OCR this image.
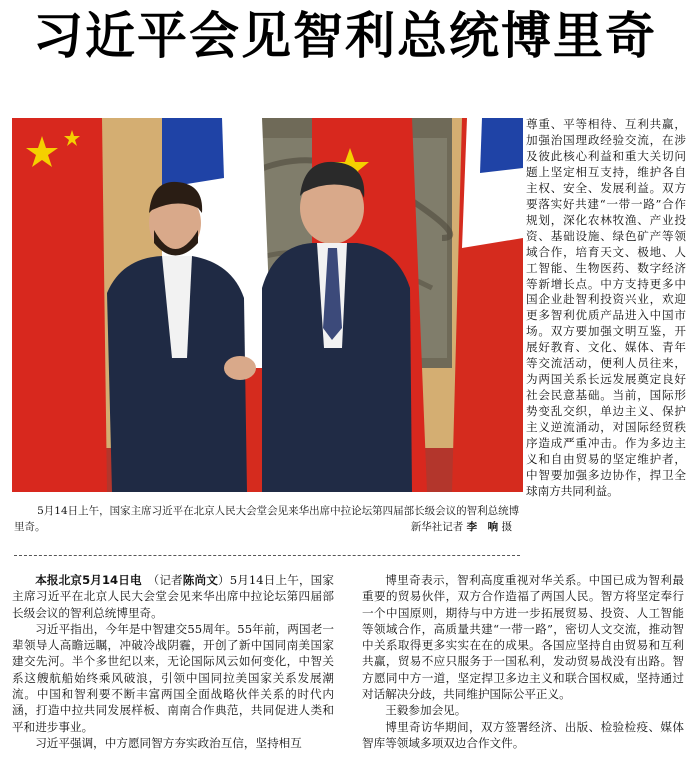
习近平会见智利总统博里奇
5月14日上午，国家主席习近平在北京人民大会堂会见来华出席中拉论坛第四届部长级会议的智利总统博里奇。	新华社记者 李　响 摄

尊重、平等相待、互利共赢，加强治国理政经验交流，在涉及彼此核心利益和重大关切问题上坚定相互支持，维护各自主权、安全、发展利益。双方要落实好共建“一带一路”合作规划，深化农林牧渔、产业投资、基础设施、绿色矿产等领域合作，培育天文、极地、人工智能、生物医药、数字经济等新增长点。中方支持更多中国企业赴智利投资兴业，欢迎更多智利优质产品进入中国市场。双方要加强文明互鉴，开展好教育、文化、媒体、青年等交流活动，便利人员往来，为两国关系长远发展奠定良好社会民意基础。当前，国际形势变乱交织，单边主义、保护主义逆流涌动，对国际经贸秩序造成严重冲击。作为多边主义和自由贸易的坚定维护者，中智要加强多边协作，捍卫全球南方共同利益。

本报北京5月14日电　 （记者陈尚文）5月14日上午，国家主席习近平在北京人民大会堂会见来华出席中拉论坛第四届部长级会议的智利总统博里奇。

习近平指出，今年是中智建交55周年。55年前，两国老一辈领导人高瞻远瞩，冲破冷战阴霾，开创了新中国同南美国家建交先河。半个多世纪以来，无论国际风云如何变化，中智关系这艘航船始终乘风破浪，引领中国同拉美国家关系发展潮流。中国和智利要不断丰富两国全面战略伙伴关系的时代内涵，打造中拉共同发展样板、南南合作典范，共同促进人类和平和进步事业。

习近平强调，中方愿同智方夯实政治互信，坚持相互

博里奇表示，智利高度重视对华关系。中国已成为智利最重要的贸易伙伴，双方合作造福了两国人民。智方将坚定奉行一个中国原则，期待与中方进一步拓展贸易、投资、人工智能等领域合作，高质量共建“一带一路”，密切人文交流，推动智中关系取得更多实实在在的成果。各国应坚持自由贸易和互利共赢，贸易不应只服务于一国私利，发动贸易战没有出路。智方愿同中方一道，坚定捍卫多边主义和联合国权威，坚持通过对话解决分歧，共同维护国际公平正义。

王毅参加会见。

博里奇访华期间，双方签署经济、出版、检验检疫、媒体智库等领域多项双边合作文件。
